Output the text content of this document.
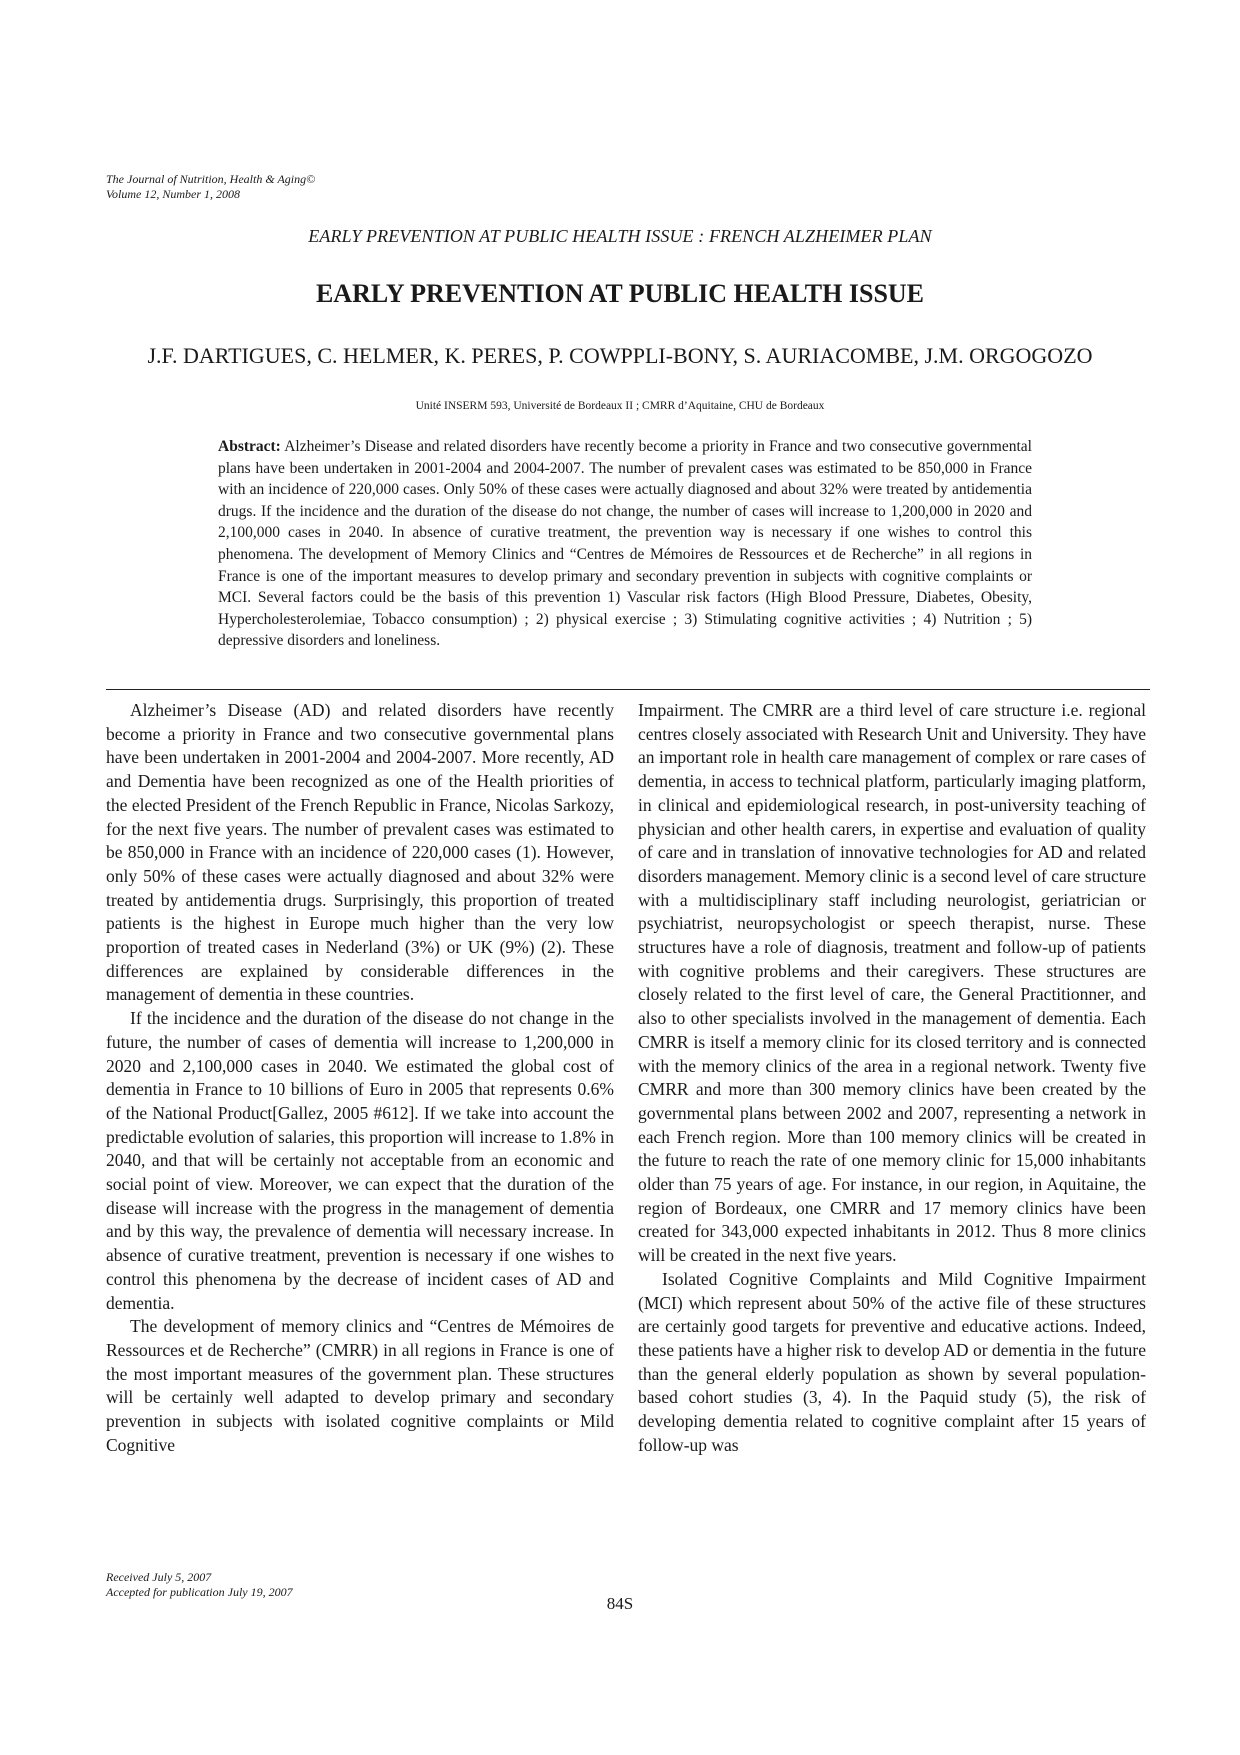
The Journal of Nutrition, Health & Aging©
Volume 12, Number 1, 2008
EARLY PREVENTION AT PUBLIC HEALTH ISSUE : FRENCH ALZHEIMER PLAN
EARLY PREVENTION AT PUBLIC HEALTH ISSUE
J.F. DARTIGUES, C. HELMER, K. PERES, P. COWPPLI-BONY, S. AURIACOMBE, J.M. ORGOGOZO
Unité INSERM 593, Université de Bordeaux II ; CMRR d’Aquitaine, CHU de Bordeaux
Abstract: Alzheimer’s Disease and related disorders have recently become a priority in France and two consecutive governmental plans have been undertaken in 2001-2004 and 2004-2007. The number of prevalent cases was estimated to be 850,000 in France with an incidence of 220,000 cases. Only 50% of these cases were actually diagnosed and about 32% were treated by antidementia drugs. If the incidence and the duration of the disease do not change, the number of cases will increase to 1,200,000 in 2020 and 2,100,000 cases in 2040. In absence of curative treatment, the prevention way is necessary if one wishes to control this phenomena. The development of Memory Clinics and “Centres de Mémoires de Ressources et de Recherche” in all regions in France is one of the important measures to develop primary and secondary prevention in subjects with cognitive complaints or MCI. Several factors could be the basis of this prevention 1) Vascular risk factors (High Blood Pressure, Diabetes, Obesity, Hypercholesterolemiae, Tobacco consumption) ; 2) physical exercise ; 3) Stimulating cognitive activities ; 4) Nutrition ; 5) depressive disorders and loneliness.

Alzheimer’s Disease (AD) and related disorders have recently become a priority in France and two consecutive governmental plans have been undertaken in 2001-2004 and 2004-2007. More recently, AD and Dementia have been recognized as one of the Health priorities of the elected President of the French Republic in France, Nicolas Sarkozy, for the next five years. The number of prevalent cases was estimated to be 850,000 in France with an incidence of 220,000 cases (1). However, only 50% of these cases were actually diagnosed and about 32% were treated by antidementia drugs. Surprisingly, this proportion of treated patients is the highest in Europe much higher than the very low proportion of treated cases in Nederland (3%) or UK (9%) (2). These differences are explained by considerable differences in the management of dementia in these countries.

If the incidence and the duration of the disease do not change in the future, the number of cases of dementia will increase to 1,200,000 in 2020 and 2,100,000 cases in 2040. We estimated the global cost of dementia in France to 10 billions of Euro in 2005 that represents 0.6% of the National Product[Gallez, 2005 #612]. If we take into account the predictable evolution of salaries, this proportion will increase to 1.8% in 2040, and that will be certainly not acceptable from an economic and social point of view. Moreover, we can expect that the duration of the disease will increase with the progress in the management of dementia and by this way, the prevalence of dementia will necessary increase. In absence of curative treatment, prevention is necessary if one wishes to control this phenomena by the decrease of incident cases of AD and dementia.

The development of memory clinics and “Centres de Mémoires de Ressources et de Recherche” (CMRR) in all regions in France is one of the most important measures of the government plan. These structures will be certainly well adapted to develop primary and secondary prevention in subjects with isolated cognitive complaints or Mild Cognitive

Impairment. The CMRR are a third level of care structure i.e. regional centres closely associated with Research Unit and University. They have an important role in health care management of complex or rare cases of dementia, in access to technical platform, particularly imaging platform, in clinical and epidemiological research, in post-university teaching of physician and other health carers, in expertise and evaluation of quality of care and in translation of innovative technologies for AD and related disorders management. Memory clinic is a second level of care structure with a multidisciplinary staff including neurologist, geriatrician or psychiatrist, neuropsychologist or speech therapist, nurse. These structures have a role of diagnosis, treatment and follow-up of patients with cognitive problems and their caregivers. These structures are closely related to the first level of care, the General Practitionner, and also to other specialists involved in the management of dementia. Each CMRR is itself a memory clinic for its closed territory and is connected with the memory clinics of the area in a regional network. Twenty five CMRR and more than 300 memory clinics have been created by the governmental plans between 2002 and 2007, representing a network in each French region. More than 100 memory clinics will be created in the future to reach the rate of one memory clinic for 15,000 inhabitants older than 75 years of age. For instance, in our region, in Aquitaine, the region of Bordeaux, one CMRR and 17 memory clinics have been created for 343,000 expected inhabitants in 2012. Thus 8 more clinics will be created in the next five years.

Isolated Cognitive Complaints and Mild Cognitive Impairment (MCI) which represent about 50% of the active file of these structures are certainly good targets for preventive and educative actions. Indeed, these patients have a higher risk to develop AD or dementia in the future than the general elderly population as shown by several population-based cohort studies (3, 4). In the Paquid study (5), the risk of developing dementia related to cognitive complaint after 15 years of follow-up was

Received July 5, 2007
Accepted for publication July 19, 2007
84S
